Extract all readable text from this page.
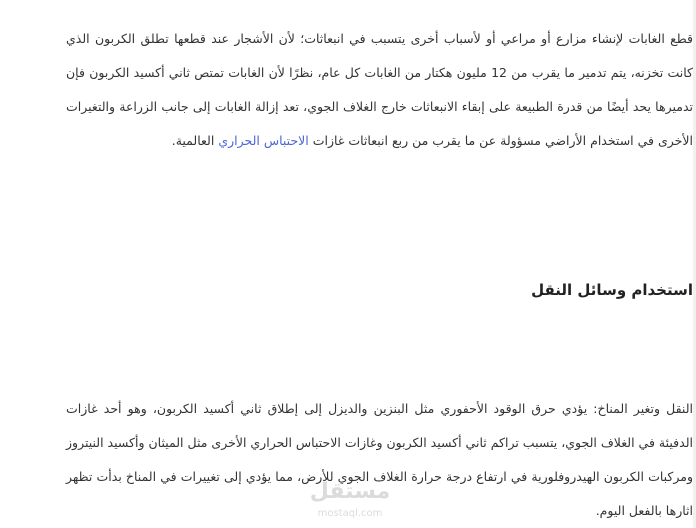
قطع الغابات لإنشاء مزارع أو مراعي أو لأسباب أخرى يتسبب في انبعاثات؛ لأن الأشجار عند قطعها تطلق الكربون الذي كانت تخزنه، يتم تدمير ما يقرب من 12 مليون هكتار من الغابات كل عام، نظرًا لأن الغابات تمتص ثاني أكسيد الكربون فإن تدميرها يحد أيضًا من قدرة الطبيعة على إبقاء الانبعاثات خارج الغلاف الجوي، تعد إزالة الغابات إلى جانب الزراعة والتغيرات الأخرى في استخدام الأراضي مسؤولة عن ما يقرب من ربع انبعاثات غازات الاحتباس الحراري العالمية.

استخدام وسائل النقل

النقل وتغير المناخ: يؤدي حرق الوقود الأحفوري مثل البنزين والديزل إلى إطلاق ثاني أكسيد الكربون، وهو أحد غازات الدفيئة في الغلاف الجوي، يتسبب تراكم ثاني أكسيد الكربون وغازات الاحتباس الحراري الأخرى مثل الميثان وأكسيد النيتروز ومركبات الكربون الهيدروفلورية في ارتفاع درجة حرارة الغلاف الجوي للأرض، مما يؤدي إلى تغييرات في المناخ بدأت تظهر اثارها بالفعل اليوم.

مستقل
mostaql.com
